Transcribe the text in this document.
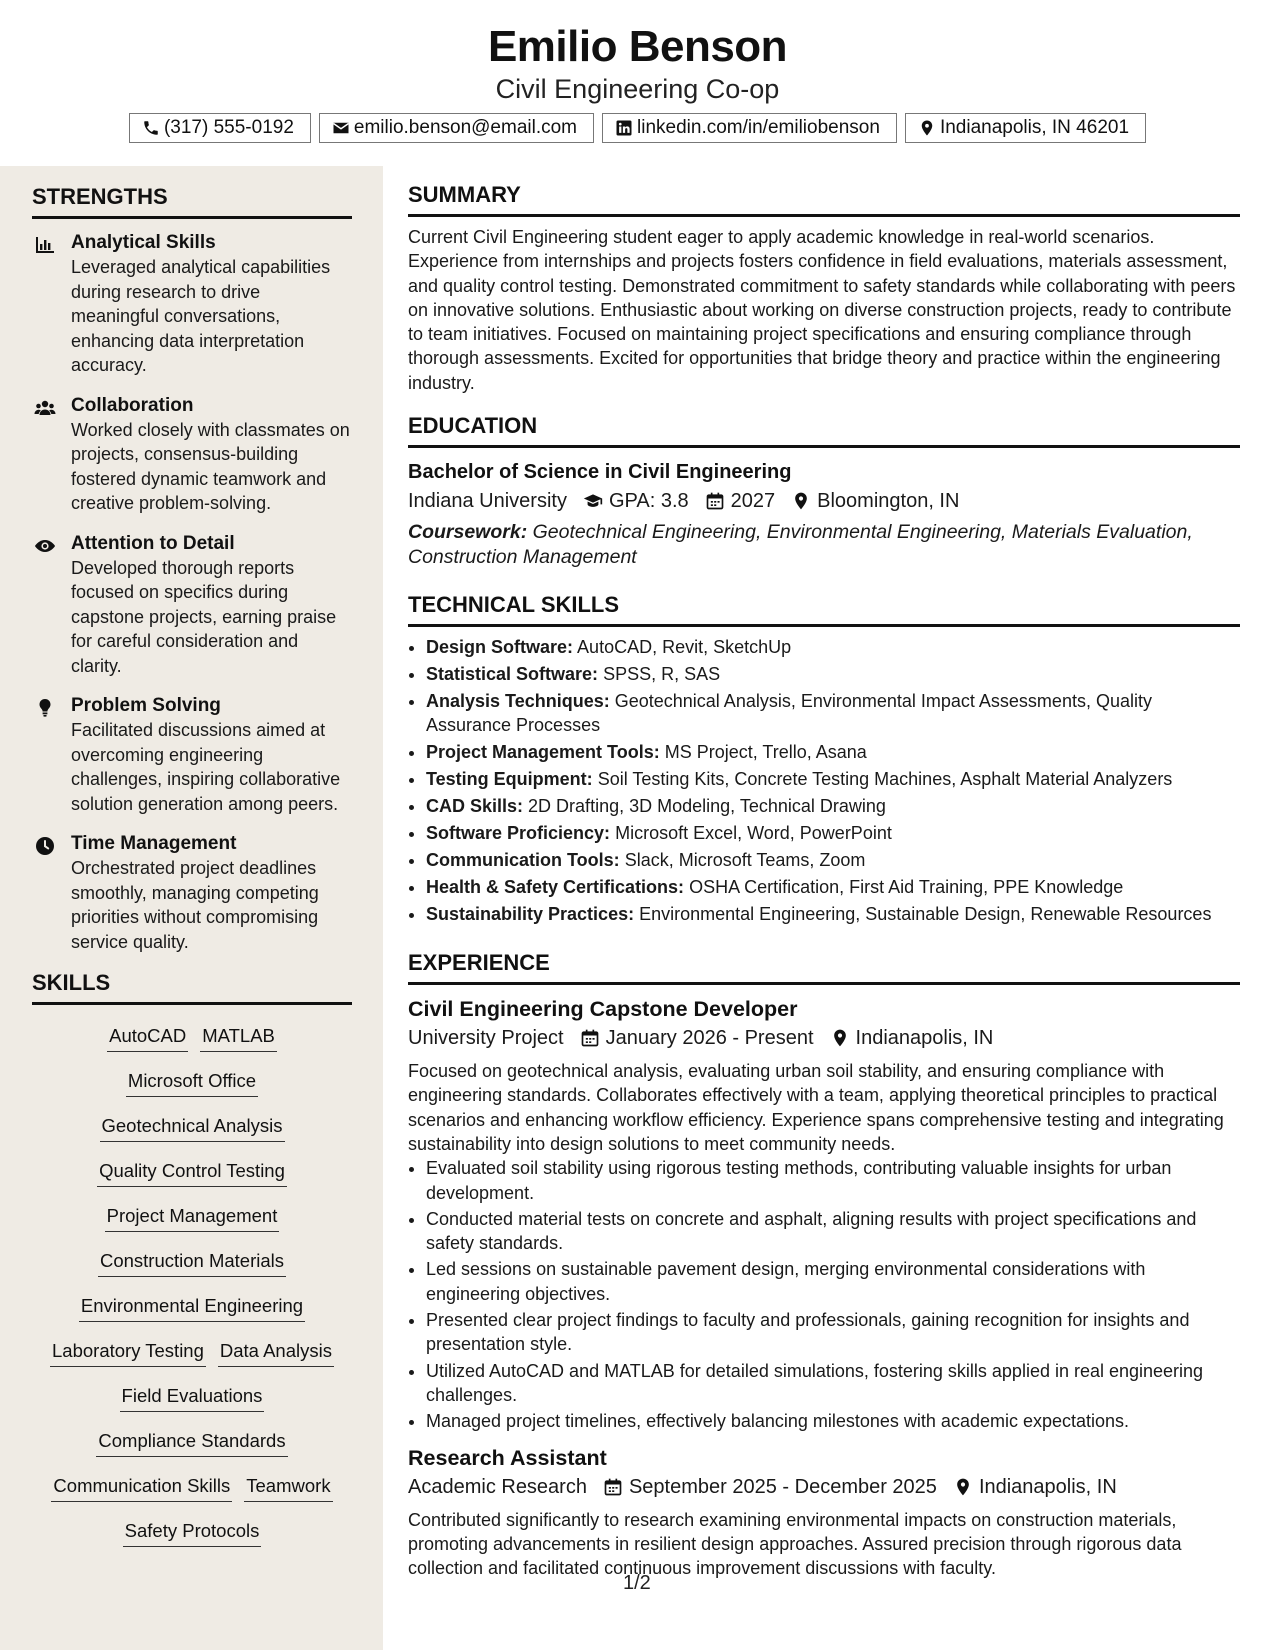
Emilio Benson
Civil Engineering Co-op
(317) 555-0192	emilio.benson@email.com	linkedin.com/in/emiliobenson	Indianapolis, IN 46201
STRENGTHS
Analytical Skills
Leveraged analytical capabilities during research to drive meaningful conversations, enhancing data interpretation accuracy.
Collaboration
Worked closely with classmates on projects, consensus-building fostered dynamic teamwork and creative problem-solving.
Attention to Detail
Developed thorough reports focused on specifics during capstone projects, earning praise for careful consideration and clarity.
Problem Solving
Facilitated discussions aimed at overcoming engineering challenges, inspiring collaborative solution generation among peers.
Time Management
Orchestrated project deadlines smoothly, managing competing priorities without compromising service quality.
SKILLS
AutoCAD MATLAB
Microsoft Office
Geotechnical Analysis
Quality Control Testing
Project Management
Construction Materials
Environmental Engineering
Laboratory Testing Data Analysis
Field Evaluations
Compliance Standards
Communication Skills Teamwork
Safety Protocols
SUMMARY
Current Civil Engineering student eager to apply academic knowledge in real-world scenarios. Experience from internships and projects fosters confidence in field evaluations, materials assessment, and quality control testing. Demonstrated commitment to safety standards while collaborating with peers on innovative solutions. Enthusiastic about working on diverse construction projects, ready to contribute to team initiatives. Focused on maintaining project specifications and ensuring compliance through thorough assessments. Excited for opportunities that bridge theory and practice within the engineering industry.
EDUCATION
Bachelor of Science in Civil Engineering
Indiana University GPA: 3.8 2027 Bloomington, IN
Coursework: Geotechnical Engineering, Environmental Engineering, Materials Evaluation, Construction Management
TECHNICAL SKILLS
• Design Software: AutoCAD, Revit, SketchUp
• Statistical Software: SPSS, R, SAS
• Analysis Techniques: Geotechnical Analysis, Environmental Impact Assessments, Quality Assurance Processes
• Project Management Tools: MS Project, Trello, Asana
• Testing Equipment: Soil Testing Kits, Concrete Testing Machines, Asphalt Material Analyzers
• CAD Skills: 2D Drafting, 3D Modeling, Technical Drawing
• Software Proficiency: Microsoft Excel, Word, PowerPoint
• Communication Tools: Slack, Microsoft Teams, Zoom
• Health & Safety Certifications: OSHA Certification, First Aid Training, PPE Knowledge
• Sustainability Practices: Environmental Engineering, Sustainable Design, Renewable Resources
EXPERIENCE
Civil Engineering Capstone Developer
University Project January 2026 - Present Indianapolis, IN
Focused on geotechnical analysis, evaluating urban soil stability, and ensuring compliance with engineering standards. Collaborates effectively with a team, applying theoretical principles to practical scenarios and enhancing workflow efficiency. Experience spans comprehensive testing and integrating sustainability into design solutions to meet community needs.
• Evaluated soil stability using rigorous testing methods, contributing valuable insights for urban development.
• Conducted material tests on concrete and asphalt, aligning results with project specifications and safety standards.
• Led sessions on sustainable pavement design, merging environmental considerations with engineering objectives.
• Presented clear project findings to faculty and professionals, gaining recognition for insights and presentation style.
• Utilized AutoCAD and MATLAB for detailed simulations, fostering skills applied in real engineering challenges.
• Managed project timelines, effectively balancing milestones with academic expectations.
Research Assistant
Academic Research September 2025 - December 2025 Indianapolis, IN
Contributed significantly to research examining environmental impacts on construction materials, promoting advancements in resilient design approaches. Assured precision through rigorous data collection and facilitated continuous improvement discussions with faculty.
1/2
